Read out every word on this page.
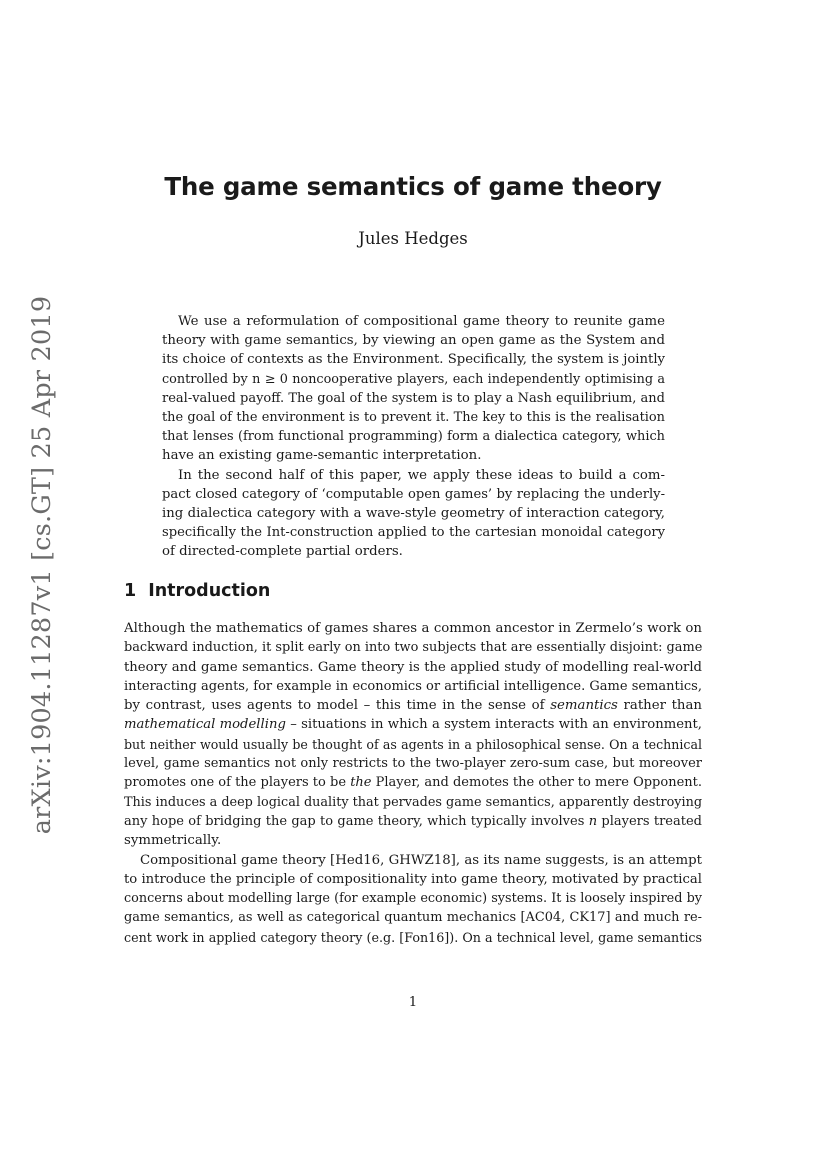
arXiv:1904.11287v1 [cs.GT] 25 Apr 2019
The game semantics of game theory
Jules Hedges
We use a reformulation of compositional game theory to reunite game
theory with game semantics, by viewing an open game as the System and
its choice of contexts as the Environment. Specifically, the system is jointly
controlled by n ≥ 0 noncooperative players, each independently optimising a
real-valued payoff. The goal of the system is to play a Nash equilibrium, and
the goal of the environment is to prevent it. The key to this is the realisation
that lenses (from functional programming) form a dialectica category, which
have an existing game-semantic interpretation.
In the second half of this paper, we apply these ideas to build a com-
pact closed category of ‘computable open games’ by replacing the underly-
ing dialectica category with a wave-style geometry of interaction category,
specifically the Int-construction applied to the cartesian monoidal category
of directed-complete partial orders.
1 Introduction
Although the mathematics of games shares a common ancestor in Zermelo’s work on
backward induction, it split early on into two subjects that are essentially disjoint: game
theory and game semantics. Game theory is the applied study of modelling real-world
interacting agents, for example in economics or artificial intelligence. Game semantics,
by contrast, uses agents to model – this time in the sense of semantics rather than
mathematical modelling – situations in which a system interacts with an environment,
but neither would usually be thought of as agents in a philosophical sense. On a technical
level, game semantics not only restricts to the two-player zero-sum case, but moreover
promotes one of the players to be the Player, and demotes the other to mere Opponent.
This induces a deep logical duality that pervades game semantics, apparently destroying
any hope of bridging the gap to game theory, which typically involves n players treated
symmetrically.
Compositional game theory [Hed16, GHWZ18], as its name suggests, is an attempt
to introduce the principle of compositionality into game theory, motivated by practical
concerns about modelling large (for example economic) systems. It is loosely inspired by
game semantics, as well as categorical quantum mechanics [AC04, CK17] and much re-
cent work in applied category theory (e.g. [Fon16]). On a technical level, game semantics
1
